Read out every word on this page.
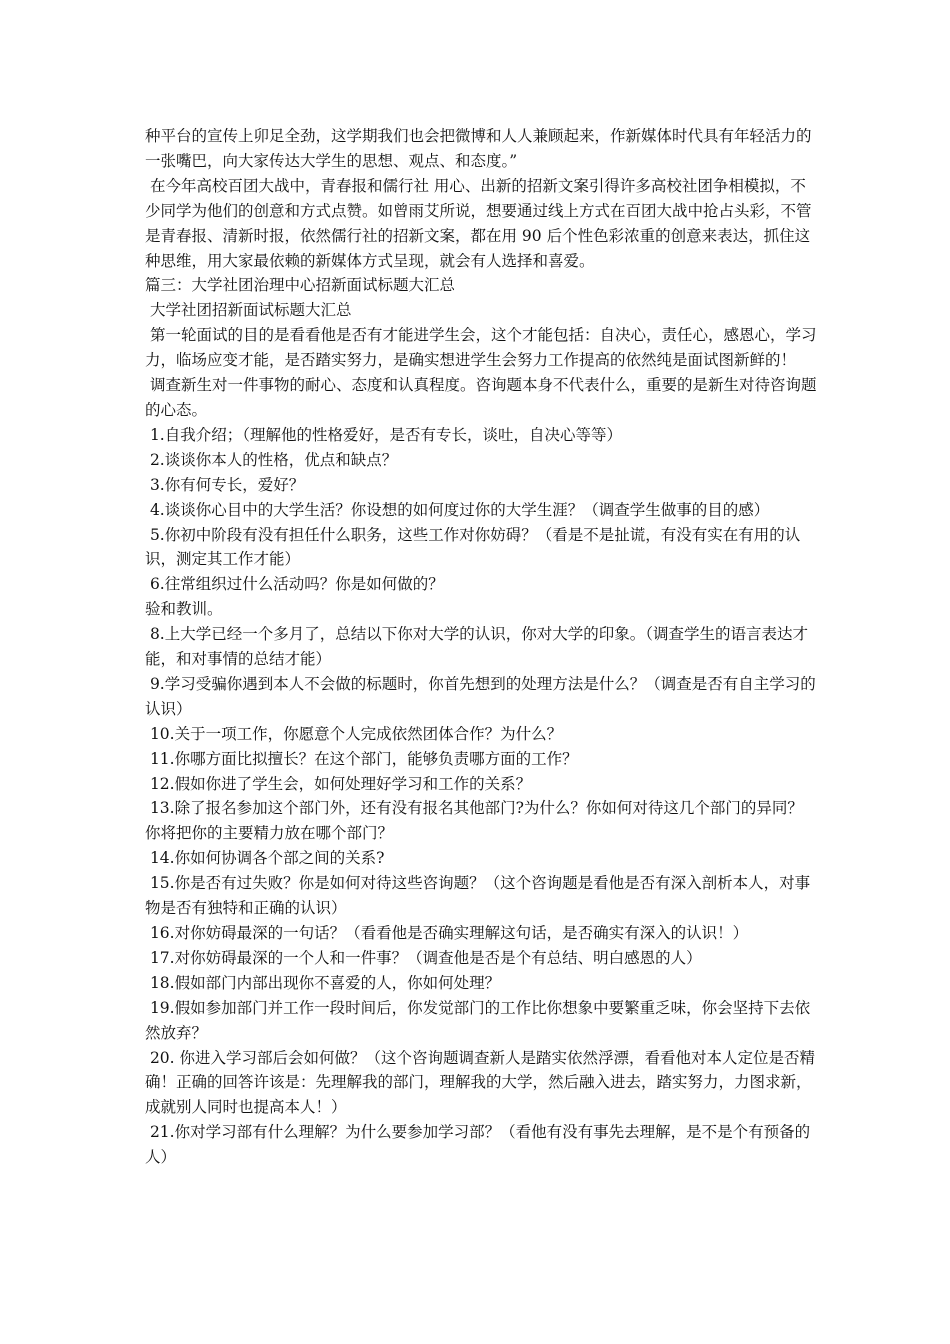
种平台的宣传上卯足全劲，这学期我们也会把微博和人人兼顾起来，作新媒体时代具有年轻活力的一张嘴巴，向大家传达大学生的思想、观点、和态度。”

在今年高校百团大战中，青春报和儒行社 用心、出新的招新文案引得许多高校社团争相模拟，不少同学为他们的创意和方式点赞。如曾雨艾所说，想要通过线上方式在百团大战中抢占头彩，不管是青春报、清新时报，依然儒行社的招新文案，都在用 90 后个性色彩浓重的创意来表达，抓住这种思维，用大家最依赖的新媒体方式呈现，就会有人选择和喜爱。

篇三：大学社团治理中心招新面试标题大汇总

大学社团招新面试标题大汇总

第一轮面试的目的是看看他是否有才能进学生会，这个才能包括：自决心，责任心，感恩心，学习力，临场应变才能，是否踏实努力，是确实想进学生会努力工作提高的依然纯是面试图新鲜的！

调查新生对一件事物的耐心、态度和认真程度。咨询题本身不代表什么，重要的是新生对待咨询题的心态。

1.自我介绍；（理解他的性格爱好，是否有专长，谈吐，自决心等等）

2.谈谈你本人的性格，优点和缺点？

3.你有何专长，爱好？

4.谈谈你心目中的大学生活？你设想的如何度过你的大学生涯？（调查学生做事的目的感）

5.你初中阶段有没有担任什么职务，这些工作对你妨碍？（看是不是扯谎，有没有实在有用的认识，测定其工作才能）

6.往常组织过什么活动吗？你是如何做的？

验和教训。

8.上大学已经一个多月了，总结以下你对大学的认识，你对大学的印象。（调查学生的语言表达才能，和对事情的总结才能）

9.学习受骗你遇到本人不会做的标题时，你首先想到的处理方法是什么？（调查是否有自主学习的认识）

10.关于一项工作，你愿意个人完成依然团体合作？为什么？

11.你哪方面比拟擅长？在这个部门，能够负责哪方面的工作？

12.假如你进了学生会，如何处理好学习和工作的关系？

13.除了报名参加这个部门外，还有没有报名其他部门?为什么？你如何对待这几个部门的异同？你将把你的主要精力放在哪个部门？

14.你如何协调各个部之间的关系?

15.你是否有过失败？你是如何对待这些咨询题？（这个咨询题是看他是否有深入剖析本人，对事物是否有独特和正确的认识）

16.对你妨碍最深的一句话？（看看他是否确实理解这句话，是否确实有深入的认识！）

17.对你妨碍最深的一个人和一件事？（调查他是否是个有总结、明白感恩的人）

18.假如部门内部出现你不喜爱的人，你如何处理？

19.假如参加部门并工作一段时间后，你发觉部门的工作比你想象中要繁重乏味，你会坚持下去依然放弃？

20. 你进入学习部后会如何做？（这个咨询题调查新人是踏实依然浮漂，看看他对本人定位是否精确！正确的回答许该是：先理解我的部门，理解我的大学，然后融入进去，踏实努力，力图求新，成就别人同时也提高本人！）

21.你对学习部有什么理解？为什么要参加学习部？（看他有没有事先去理解，是不是个有预备的人）
